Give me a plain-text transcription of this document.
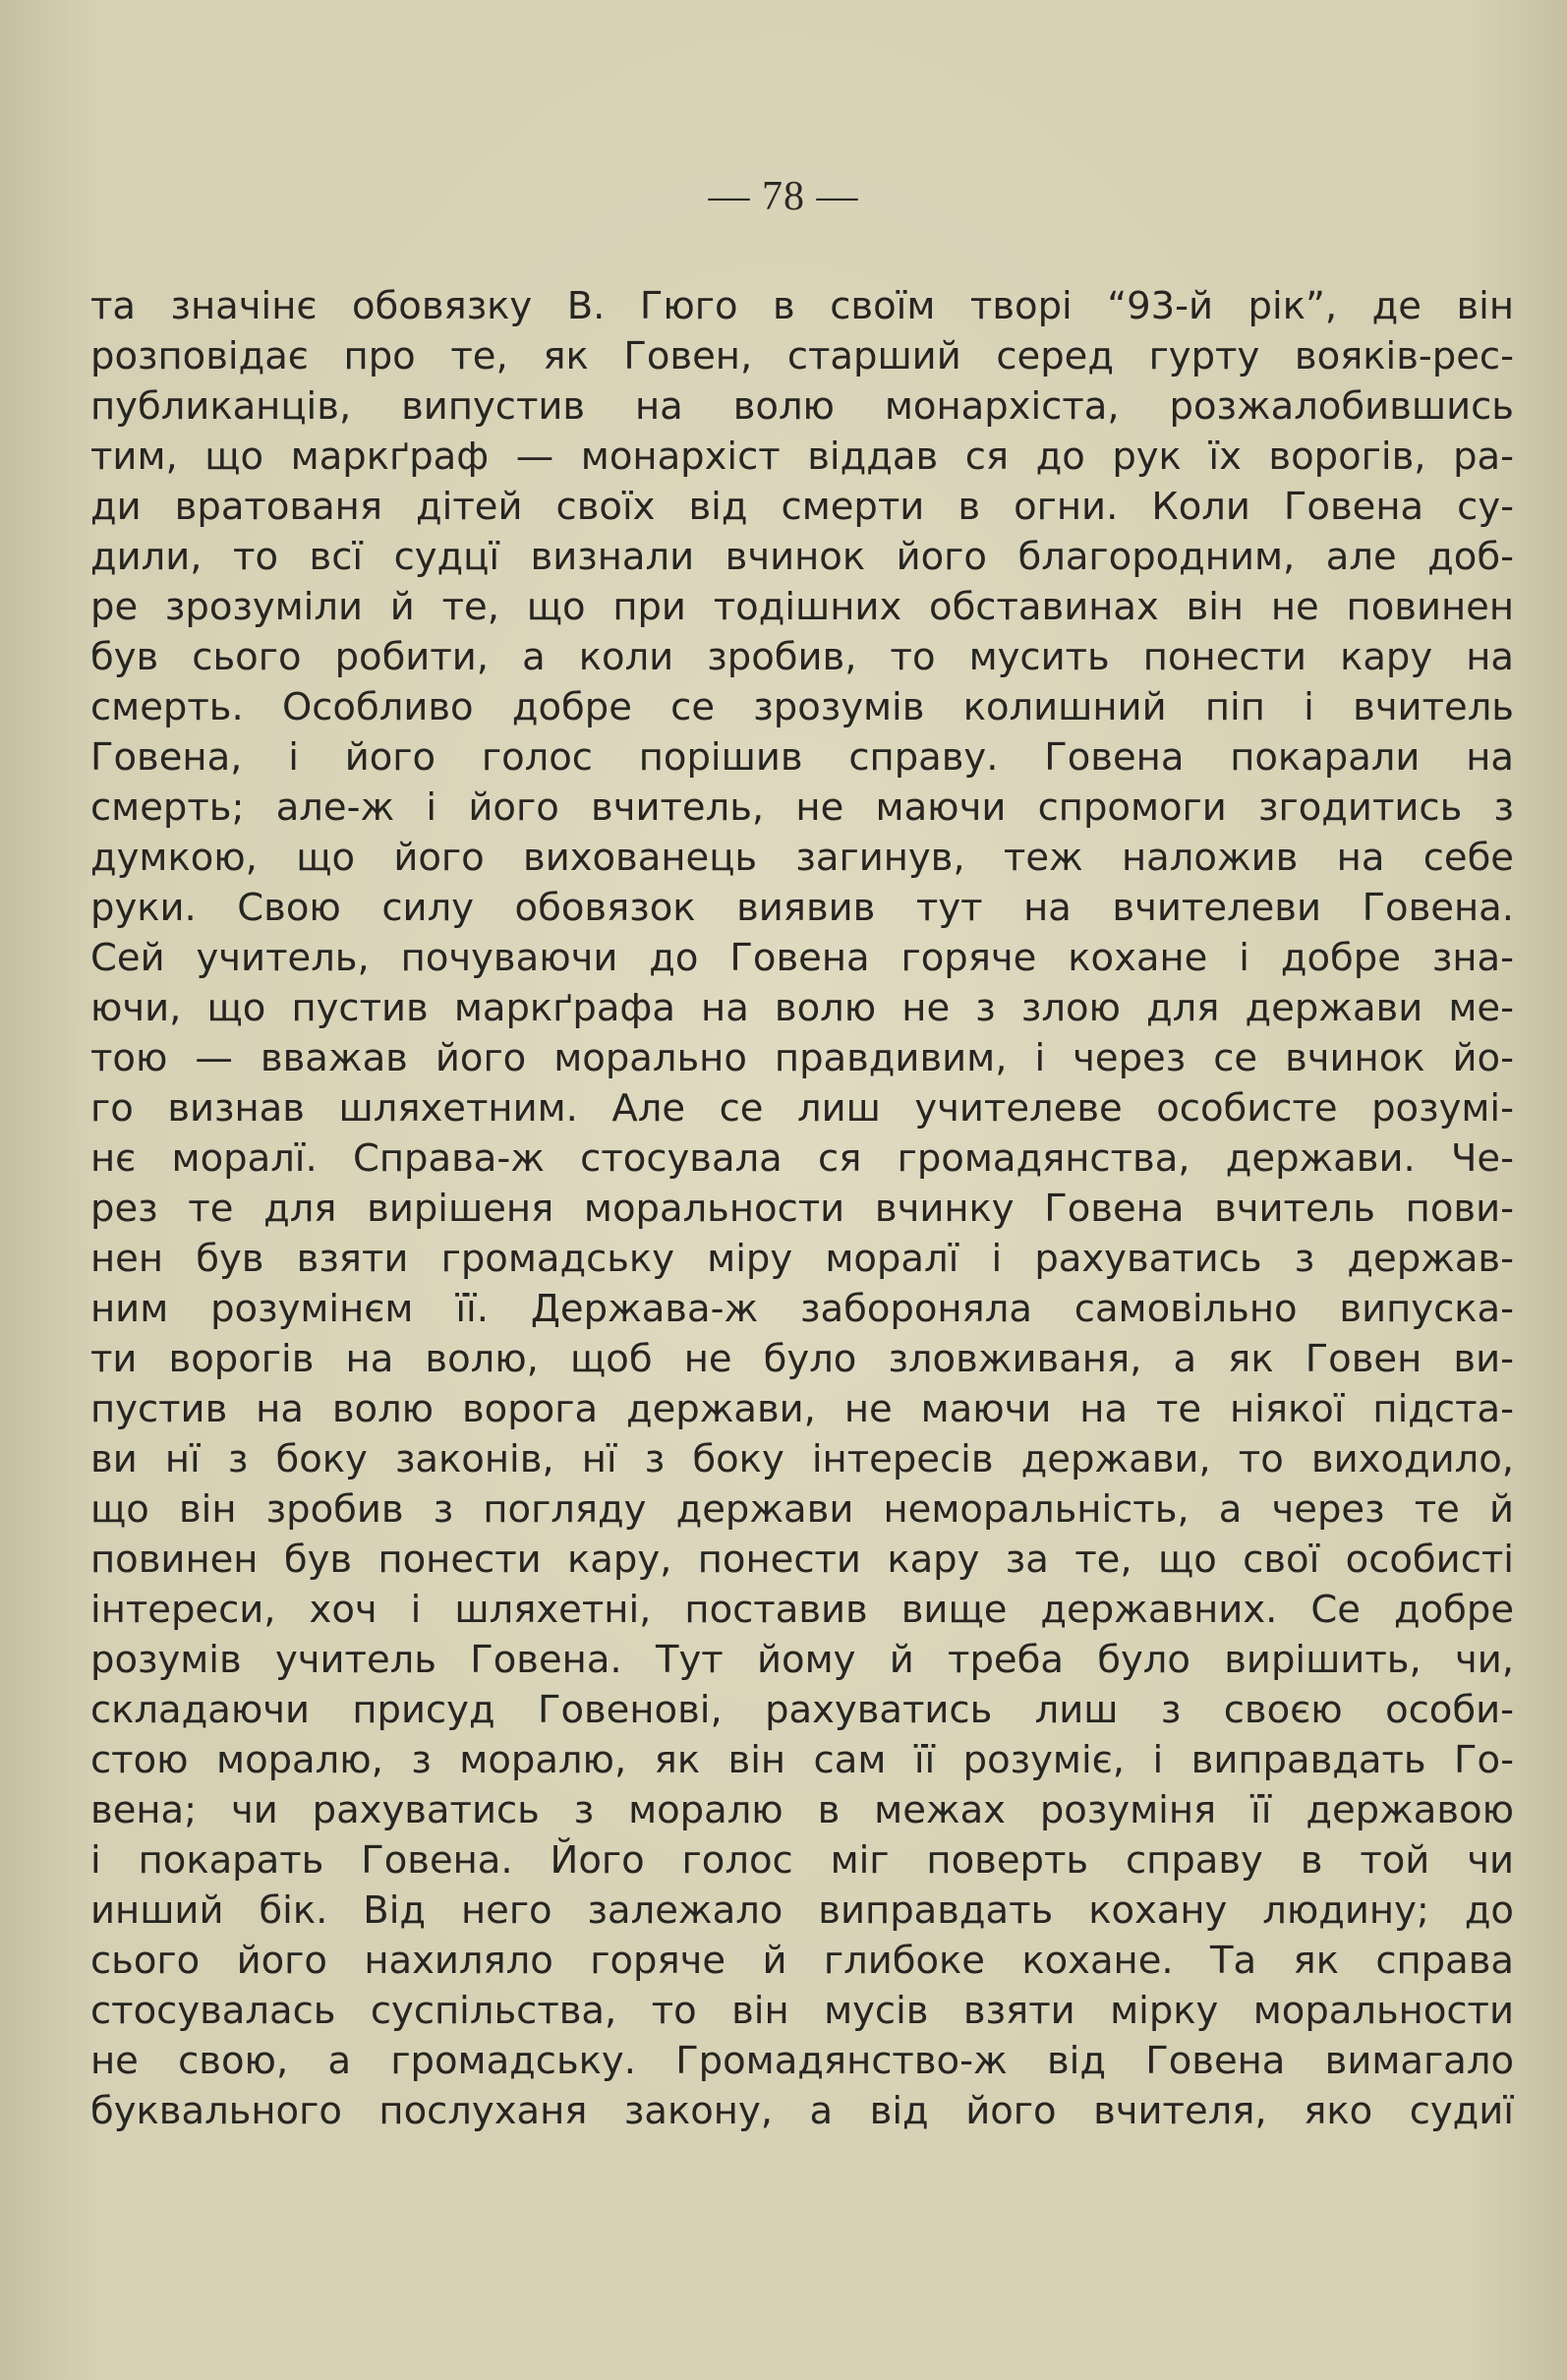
— 78 —
та значінє обовязку В. Гюго в своїм творі “93-й рік”, де він
розповідає про те, як Говен, старший серед гурту вояків-рес-
публиканців, випустив на волю монархіста, розжалобившись
тим, що маркґраф — монархіст віддав ся до рук їх ворогів, ра-
ди вратованя дітей своїх від смерти в огни. Коли Говена су-
дили, то всї судцї визнали вчинок його благородним, але доб-
ре зрозуміли й те, що при тодішних обставинах він не повинен
був сього робити, а коли зробив, то мусить понести кару на
смерть. Особливо добре се зрозумів колишний піп і вчитель
Говена, і його голос порішив справу. Говена покарали на
смерть; але-ж і його вчитель, не маючи спромоги згодитись з
думкою, що його вихованець загинув, теж наложив на себе
руки. Свою силу обовязок виявив тут на вчителеви Говена.
Сей учитель, почуваючи до Говена горяче кохане і добре зна-
ючи, що пустив маркґрафа на волю не з злою для держави ме-
тою — вважав його морально правдивим, і через се вчинок йо-
го визнав шляхетним. Але се лиш учителеве особисте розумі-
нє моралї. Справа-ж стосувала ся громадянства, держави. Че-
рез те для вирішеня моральности вчинку Говена вчитель пови-
нен був взяти громадську міру моралї і рахуватись з держав-
ним розумінєм її. Держава-ж забороняла самовільно випуска-
ти ворогів на волю, щоб не було зловживаня, а як Говен ви-
пустив на волю ворога держави, не маючи на те ніякої підста-
ви нї з боку законів, нї з боку інтересів держави, то виходило,
що він зробив з погляду держави неморальність, а через те й
повинен був понести кару, понести кару за те, що свої особисті
інтереси, хоч і шляхетні, поставив вище державних. Се добре
розумів учитель Говена. Тут йому й треба було вирішить, чи,
складаючи присуд Говенові, рахуватись лиш з своєю особи-
стою моралю, з моралю, як він сам її розуміє, і виправдать Го-
вена; чи рахуватись з моралю в межах розуміня її державою
і покарать Говена. Його голос міг поверть справу в той чи
инший бік. Від него залежало виправдать кохану людину; до
сього його нахиляло горяче й глибоке кохане. Та як справа
стосувалась суспільства, то він мусів взяти мірку моральности
не свою, а громадську. Громадянство-ж від Говена вимагало
буквального послуханя закону, а від його вчителя, яко судиї
